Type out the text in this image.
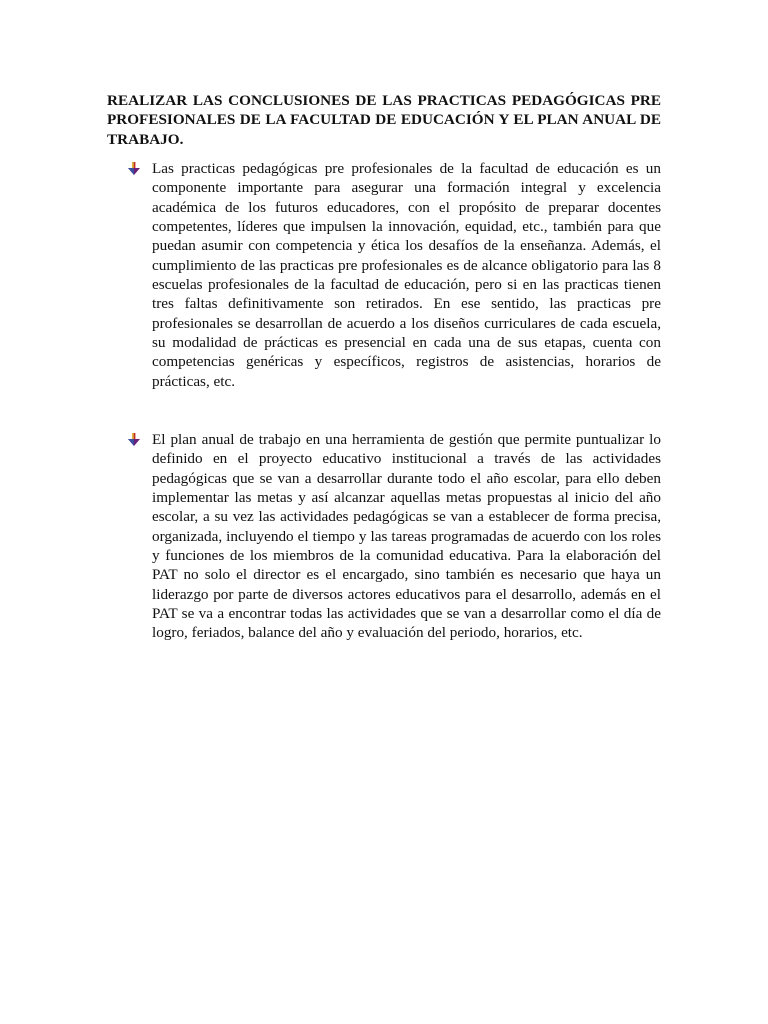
REALIZAR LAS CONCLUSIONES DE LAS PRACTICAS PEDAGÓGICAS PRE PROFESIONALES DE LA FACULTAD DE EDUCACIÓN Y EL PLAN ANUAL DE TRABAJO.

Las practicas pedagógicas pre profesionales de la facultad de educación es un componente importante para asegurar una formación integral y excelencia académica de los futuros educadores, con el propósito de preparar docentes competentes, líderes que impulsen la innovación, equidad, etc., también para que puedan asumir con competencia y ética los desafíos de la enseñanza. Además, el cumplimiento de las practicas pre profesionales es de alcance obligatorio para las 8 escuelas profesionales de la facultad de educación, pero si en las practicas tienen tres faltas definitivamente son retirados. En ese sentido, las practicas pre profesionales se desarrollan de acuerdo a los diseños curriculares de cada escuela, su modalidad de prácticas es presencial en cada una de sus etapas, cuenta con competencias genéricas y específicos, registros de asistencias, horarios de prácticas, etc.

El plan anual de trabajo en una herramienta de gestión que permite puntualizar lo definido en el proyecto educativo institucional a través de las actividades pedagógicas que se van a desarrollar durante todo el año escolar, para ello deben implementar las metas y así alcanzar aquellas metas propuestas al inicio del año escolar, a su vez las actividades pedagógicas se van a establecer de forma precisa, organizada, incluyendo el tiempo y las tareas programadas de acuerdo con los roles y funciones de los miembros de la comunidad educativa. Para la elaboración del PAT no solo el director es el encargado, sino también es necesario que haya un liderazgo por parte de diversos actores educativos para el desarrollo, además en el PAT se va a encontrar todas las actividades que se van a desarrollar como el día de logro, feriados, balance del año y evaluación del periodo, horarios, etc.
